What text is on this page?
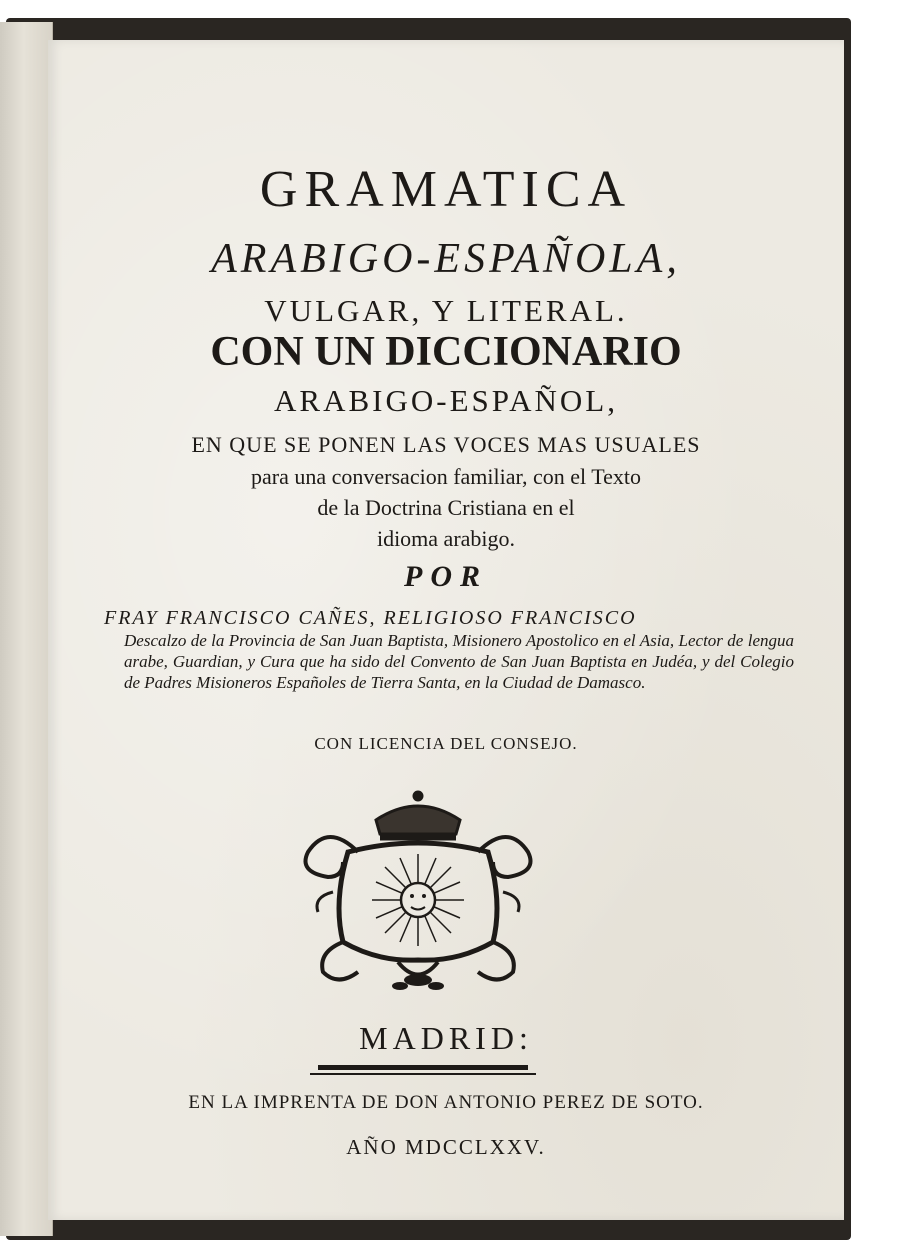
GRAMATICA
ARABIGO-ESPAÑOLA,
VULGAR, Y LITERAL.
CON UN DICCIONARIO
ARABIGO-ESPAÑOL,
EN QUE SE PONEN LAS VOCES MAS USUALES
para una conversacion familiar, con el Texto
de la Doctrina Cristiana en el
idioma arabigo.
POR
FRAY FRANCISCO CAÑES, RELIGIOSO FRANCISCO
Descalzo de la Provincia de San Juan Baptista, Misionero Apostolico en el Asia, Lector de lengua arabe, Guardian, y Cura que ha sido del Convento de San Juan Baptista en Judéa, y del Colegio de Padres Misioneros Españoles de Tierra Santa, en la Ciudad de Damasco.
CON LICENCIA DEL CONSEJO.
MADRID:
EN LA IMPRENTA DE DON ANTONIO PEREZ DE SOTO.
AÑO MDCCLXXV.
